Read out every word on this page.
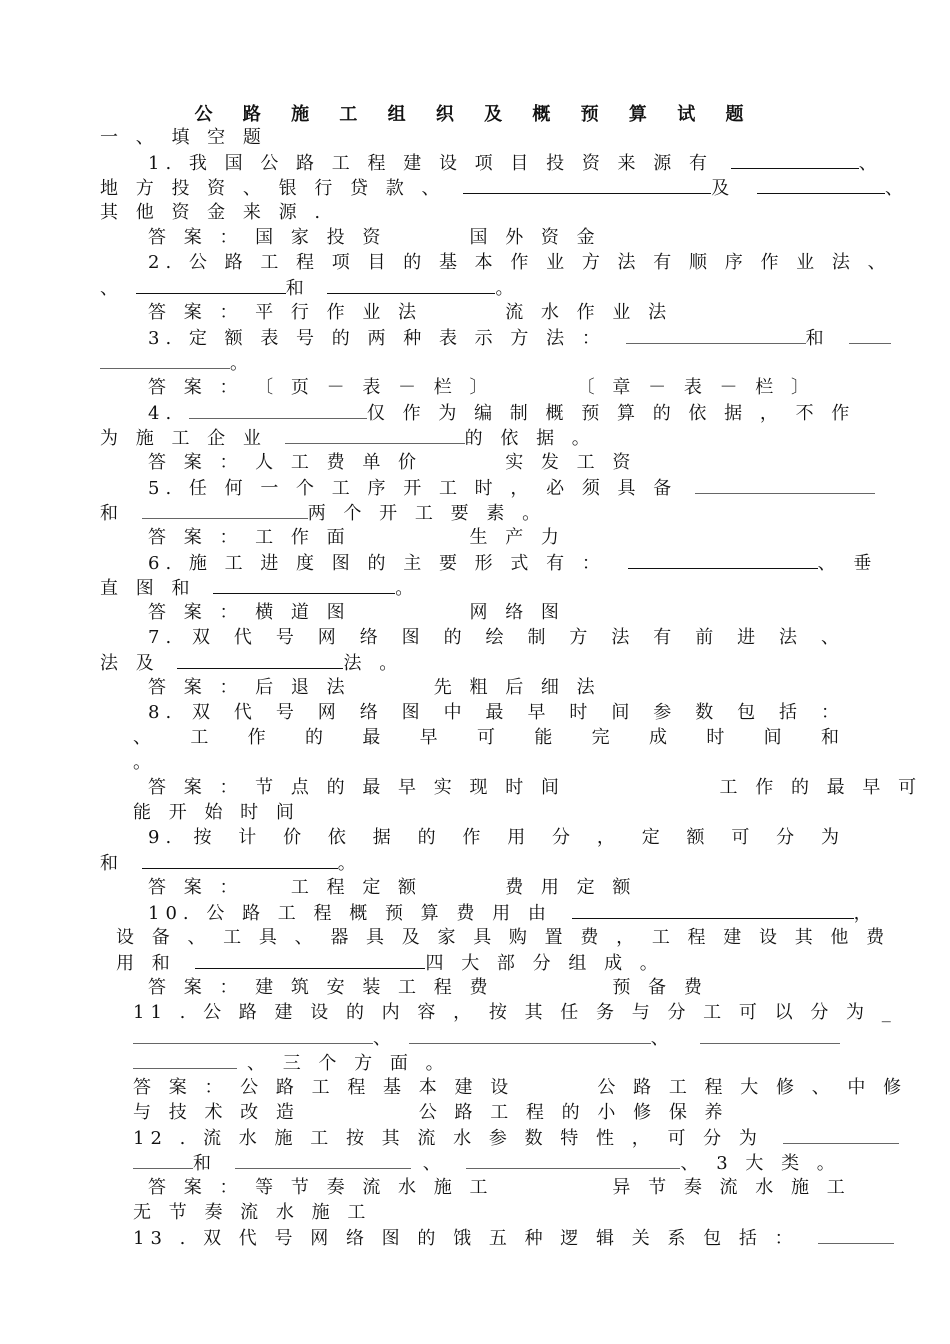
公 路 施 工 组 织 及 概 预 算 试 题
一 、 填 空 题
1. 我 国 公 路 工 程 建 设 项 目 投 资 来 源 有	、
地 方 投 资 、 银 行 贷 款 、	及	、
其 他 资 金 来 源 .
答 案 ： 国 家 投 资 　 　 国 外 资 金
2. 公 路 工 程 项 目 的 基 本 作 业 方 法 有 顺 序 作 业 法 、
、	和	。
答 案 ： 平 行 作 业 法 　 　 流 水 作 业 法
3. 定 额 表 号 的 两 种 表 示 方 法 ：	和
。
答 案 ： 〔 页 － 表 － 栏 〕 　 　 〔 章 － 表 － 栏 〕
4.	仅 作 为 编 制 概 预 算 的 依 据 ， 不 作
为 施 工 企 业	的 依 据 。
答 案 ： 人 工 费 单 价 　 　 实 发 工 资
5. 任 何 一 个 工 序 开 工 时 ， 必 须 具 备
和	两 个 开 工 要 素 。
答 案 ： 工 作 面 　 　 　 生 产 力
6. 施 工 进 度 图 的 主 要 形 式 有 ：	、 垂
直 图 和	。
答 案 ： 横 道 图 　 　 　 网 络 图
7. 双 代 号 网 络 图 的 绘 制 方 法 有 前 进 法 、
法 及	法 。
答 案 ： 后 退 法 　 　 先 粗 后 细 法
8. 双 代 号 网 络 图 中 最 早 时 间 参 数 包 括 ：
、 工 作 的 最 早 可 能 完 成 时 间 和
。
答 案 ： 节 点 的 最 早 实 现 时 间 　 　 　 　 工 作 的 最 早 可
能 开 始 时 间
9. 按 计 价 依 据 的 作 用 分 ， 定 额 可 分 为
和	。
答 案 ： 　 工 程 定 额 　 　 费 用 定 额
10. 公 路 工 程 概 预 算 费 用 由	，
设 备 、 工 具 、 器 具 及 家 具 购 置 费 ， 工 程 建 设 其 他 费
用 和	四 大 部 分 组 成 。
答 案 ： 建 筑 安 装 工 程 费 　 　 　 预 备 费
11 . 公 路 建 设 的 内 容 ， 按 其 任 务 与 分 工 可 以 分 为 _
、	、
、 三 个 方 面 。
答 案 ： 公 路 工 程 基 本 建 设 　 　 公 路 工 程 大 修 、 中 修
与 技 术 改 造 　 　 　 公 路 工 程 的 小 修 保 养
12 . 流 水 施 工 按 其 流 水 参 数 特 性 ， 可 分 为
和	、	、 3 大 类 。
答 案 ： 等 节 奏 流 水 施 工 　 　 　 异 节 奏 流 水 施 工
无 节 奏 流 水 施 工
13 . 双 代 号 网 络 图 的 饿 五 种 逻 辑 关 系 包 括 ：
